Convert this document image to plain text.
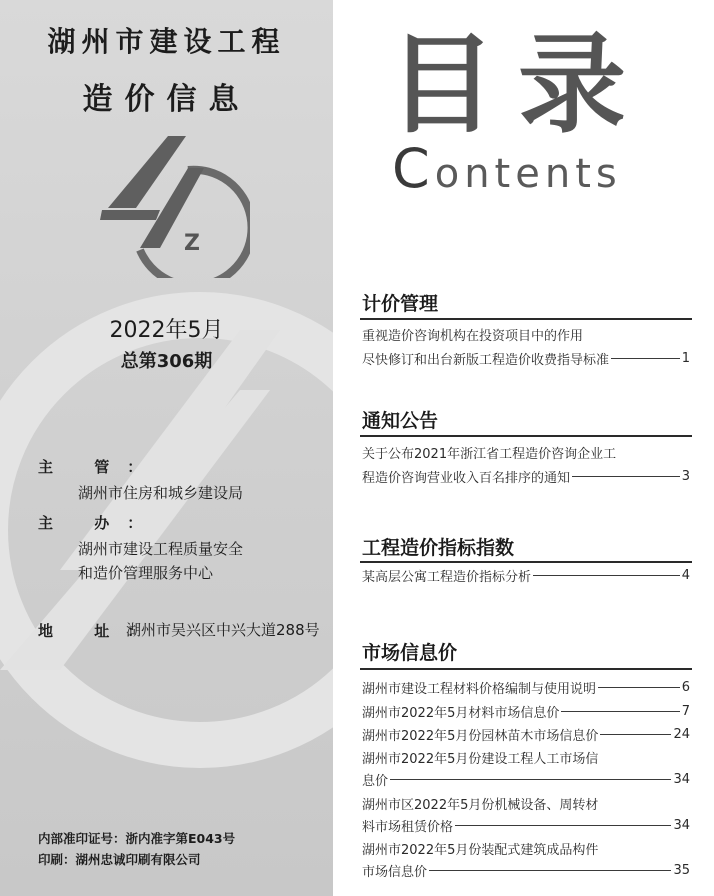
湖州市建设工程
造价信息
Z
2022年5月
总第306期
主 管：
湖州市住房和城乡建设局
主 办：
湖州市建设工程质量安全
和造价管理服务中心
地 址：
湖州市吴兴区中兴大道288号
内部准印证号：浙内准字第E043号
印刷：湖州忠诚印刷有限公司
目录
Contents
计价管理
重视造价咨询机构在投资项目中的作用
尽快修订和出台新版工程造价收费指导标准	1
通知公告
关于公布2021年浙江省工程造价咨询企业工
程造价咨询营业收入百名排序的通知	3
工程造价指标指数
某高层公寓工程造价指标分析	4
市场信息价
湖州市建设工程材料价格编制与使用说明	6
湖州市2022年5月材料市场信息价	7
湖州市2022年5月份园林苗木市场信息价	24
湖州市2022年5月份建设工程人工市场信
息价	34
湖州市区2022年5月份机械设备、周转材
料市场租赁价格	34
湖州市2022年5月份装配式建筑成品构件
市场信息价	35
